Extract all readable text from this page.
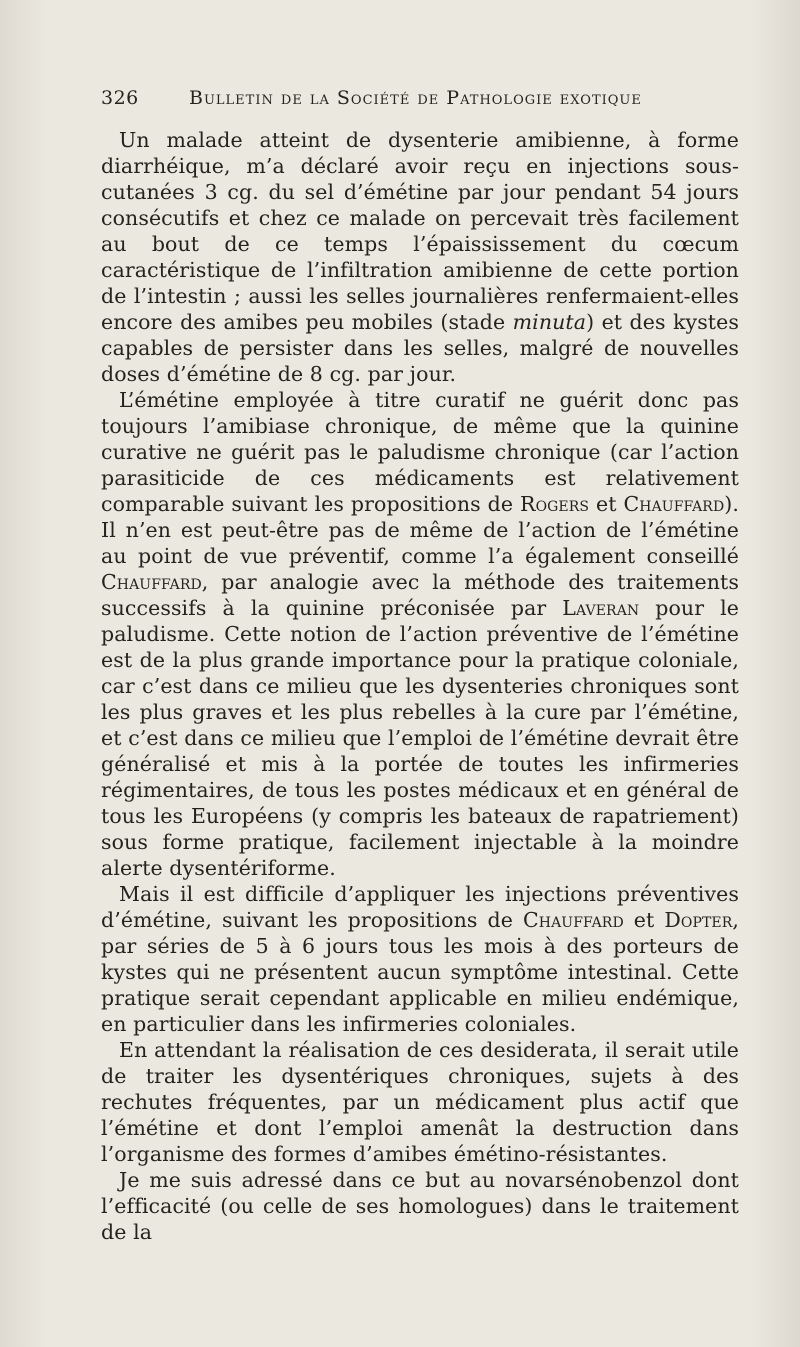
326	Bulletin de la Société de Pathologie exotique

Un malade atteint de dysenterie amibienne, à forme diarrhéique, m’a déclaré avoir reçu en injections sous-cutanées 3 cg. du sel d’émétine par jour pendant 54 jours consécutifs et chez ce malade on percevait très facilement au bout de ce temps l’épaississement du cœcum caractéristique de l’infiltration amibienne de cette portion de l’intestin ; aussi les selles journalières renfermaient-elles encore des amibes peu mobiles (stade minuta) et des kystes capables de persister dans les selles, malgré de nouvelles doses d’émétine de 8 cg. par jour.

L’émétine employée à titre curatif ne guérit donc pas toujours l’amibiase chronique, de même que la quinine curative ne guérit pas le paludisme chronique (car l’action parasiticide de ces médicaments est relativement comparable suivant les propositions de Rogers et Chauffard). Il n’en est peut-être pas de même de l’action de l’émétine au point de vue préventif, comme l’a également conseillé Chauffard, par analogie avec la méthode des traitements successifs à la quinine préconisée par Laveran pour le paludisme. Cette notion de l’action préventive de l’émétine est de la plus grande importance pour la pratique coloniale, car c’est dans ce milieu que les dysenteries chroniques sont les plus graves et les plus rebelles à la cure par l’émétine, et c’est dans ce milieu que l’emploi de l’émétine devrait être généralisé et mis à la portée de toutes les infirmeries régimentaires, de tous les postes médicaux et en général de tous les Européens (y compris les bateaux de rapatriement) sous forme pratique, facilement injectable à la moindre alerte dysentériforme.

Mais il est difficile d’appliquer les injections préventives d’émétine, suivant les propositions de Chauffard et Dopter, par séries de 5 à 6 jours tous les mois à des porteurs de kystes qui ne présentent aucun symptôme intestinal. Cette pratique serait cependant applicable en milieu endémique, en particulier dans les infirmeries coloniales.

En attendant la réalisation de ces desiderata, il serait utile de traiter les dysentériques chroniques, sujets à des rechutes fréquentes, par un médicament plus actif que l’émétine et dont l’emploi amenât la destruction dans l’organisme des formes d’amibes émétino-résistantes.

Je me suis adressé dans ce but au novarsénobenzol dont l’efficacité (ou celle de ses homologues) dans le traitement de la
